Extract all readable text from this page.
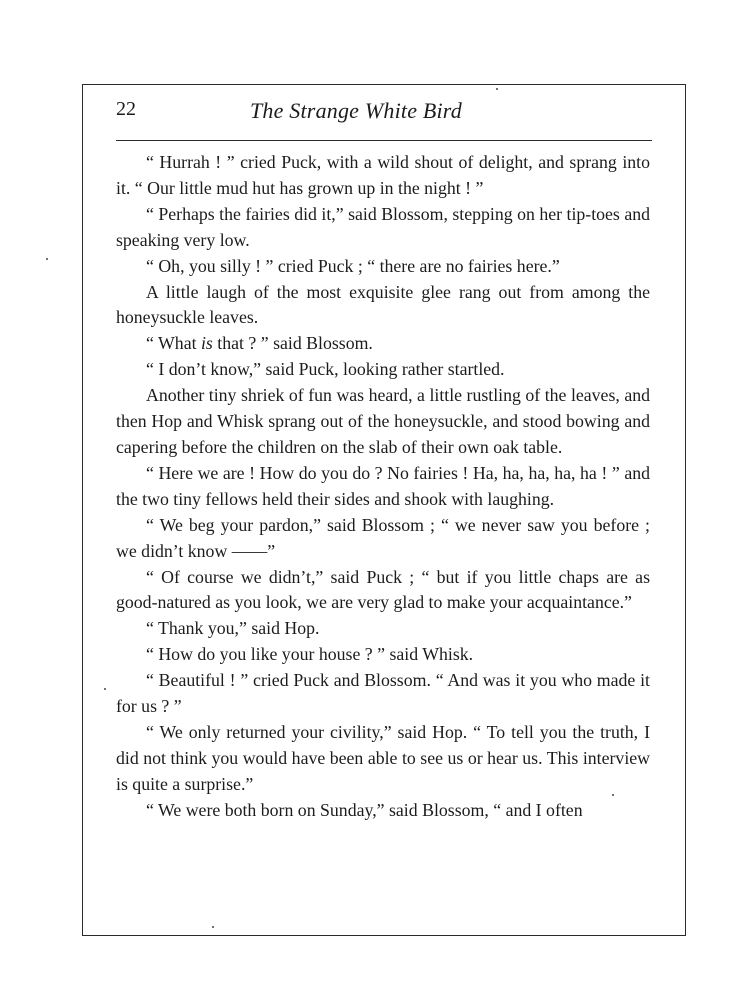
22	The Strange White Bird

“ Hurrah ! ” cried Puck, with a wild shout of delight, and sprang into it. “ Our little mud hut has grown up in the night ! ”

“ Perhaps the fairies did it,” said Blossom, stepping on her tip-toes and speaking very low.

“ Oh, you silly ! ” cried Puck ; “ there are no fairies here.”

A little laugh of the most exquisite glee rang out from among the honeysuckle leaves.

“ What is that ? ” said Blossom.

“ I don’t know,” said Puck, looking rather startled.

Another tiny shriek of fun was heard, a little rustling of the leaves, and then Hop and Whisk sprang out of the honeysuckle, and stood bowing and capering before the children on the slab of their own oak table.

“ Here we are ! How do you do ? No fairies ! Ha, ha, ha, ha, ha ! ” and the two tiny fellows held their sides and shook with laughing.

“ We beg your pardon,” said Blossom ; “ we never saw you before ; we didn’t know ——”

“ Of course we didn’t,” said Puck ; “ but if you little chaps are as good-natured as you look, we are very glad to make your acquaintance.”

“ Thank you,” said Hop.

“ How do you like your house ? ” said Whisk.

“ Beautiful ! ” cried Puck and Blossom. “ And was it you who made it for us ? ”

“ We only returned your civility,” said Hop. “ To tell you the truth, I did not think you would have been able to see us or hear us. This interview is quite a surprise.”

“ We were both born on Sunday,” said Blossom, “ and I often
